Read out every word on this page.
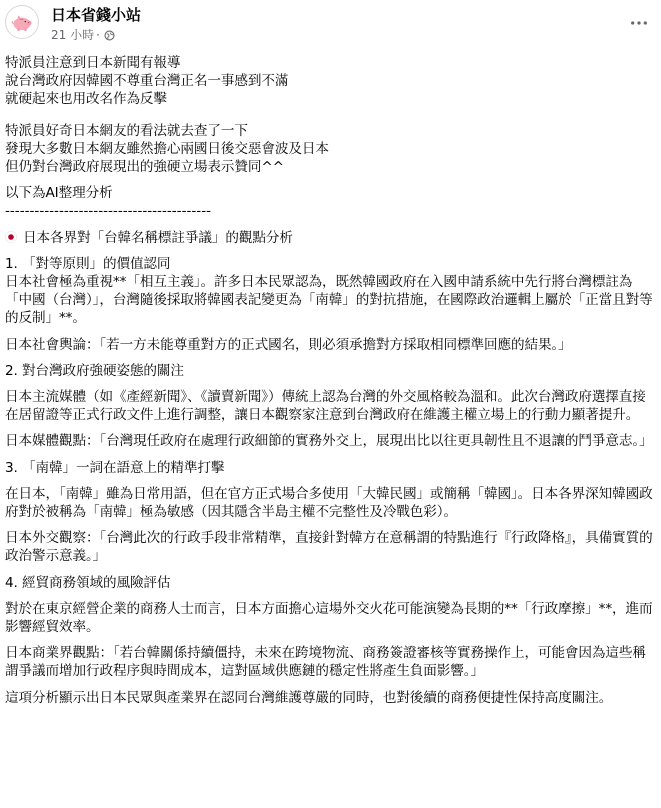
日本省錢小站
21 小時 ·
特派員注意到日本新聞有報導
說台灣政府因韓國不尊重台灣正名一事感到不滿
就硬起來也用改名作為反擊
特派員好奇日本網友的看法就去查了一下
發現大多數日本網友雖然擔心兩國日後交惡會波及日本
但仍對台灣政府展現出的強硬立場表示贊同^^
以下為AI整理分析
------------------------------------------
日本各界對「台韓名稱標註爭議」的觀點分析
1. 「對等原則」的價值認同
日本社會極為重視**「相互主義」。許多日本民眾認為，既然韓國政府在入國申請系統中先行將台灣標註為「中國（台灣）」，台灣隨後採取將韓國表記變更為「南韓」的對抗措施，在國際政治邏輯上屬於「正當且對等的反制」**。
日本社會輿論：「若一方未能尊重對方的正式國名，則必須承擔對方採取相同標準回應的結果。」
2. 對台灣政府強硬姿態的關注
日本主流媒體（如《產經新聞》、《讀賣新聞》）傳統上認為台灣的外交風格較為溫和。此次台灣政府選擇直接在居留證等正式行政文件上進行調整，讓日本觀察家注意到台灣政府在維護主權立場上的行動力顯著提升。
日本媒體觀點：「台灣現任政府在處理行政細節的實務外交上，展現出比以往更具韌性且不退讓的鬥爭意志。」
3. 「南韓」一詞在語意上的精準打擊
在日本，「南韓」雖為日常用語，但在官方正式場合多使用「大韓民國」或簡稱「韓國」。日本各界深知韓國政府對於被稱為「南韓」極為敏感（因其隱含半島主權不完整性及冷戰色彩）。
日本外交觀察：「台灣此次的行政手段非常精準，直接針對韓方在意稱謂的特點進行『行政降格』，具備實質的政治警示意義。」
4. 經貿商務領域的風險評估
對於在東京經營企業的商務人士而言，日本方面擔心這場外交火花可能演變為長期的**「行政摩擦」**，進而影響經貿效率。
日本商業界觀點：「若台韓關係持續僵持，未來在跨境物流、商務簽證審核等實務操作上，可能會因為這些稱謂爭議而增加行政程序與時間成本，這對區域供應鏈的穩定性將產生負面影響。」
這項分析顯示出日本民眾與產業界在認同台灣維護尊嚴的同時，也對後續的商務便捷性保持高度關注。
